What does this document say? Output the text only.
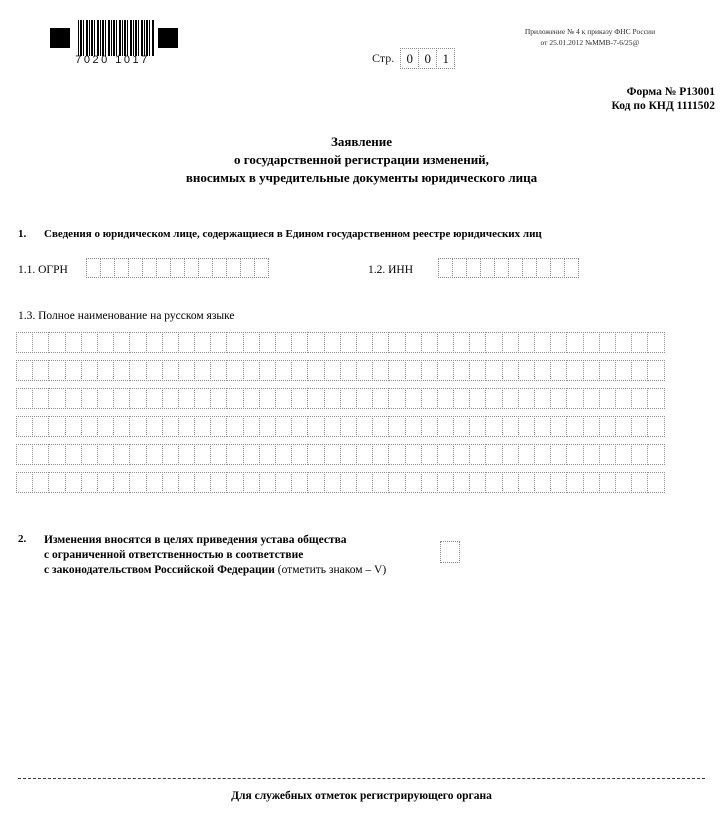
7020 1017
Приложение № 4 к приказу ФНС России
от 25.01.2012 №ММВ-7-6/25@
Стр. 0 0 1
Форма № Р13001
Код по КНД 1111502
Заявление
о государственной регистрации изменений,
вносимых в учредительные документы юридического лица
1. Сведения о юридическом лице, содержащиеся в Едином государственном реестре юридических лиц
1.1. ОГРН	1.2. ИНН
1.3. Полное наименование на русском языке
2. Изменения вносятся в целях приведения устава общества
с ограниченной ответственностью в соответствие
с законодательством Российской Федерации (отметить знаком – V)
Для служебных отметок регистрирующего органа
